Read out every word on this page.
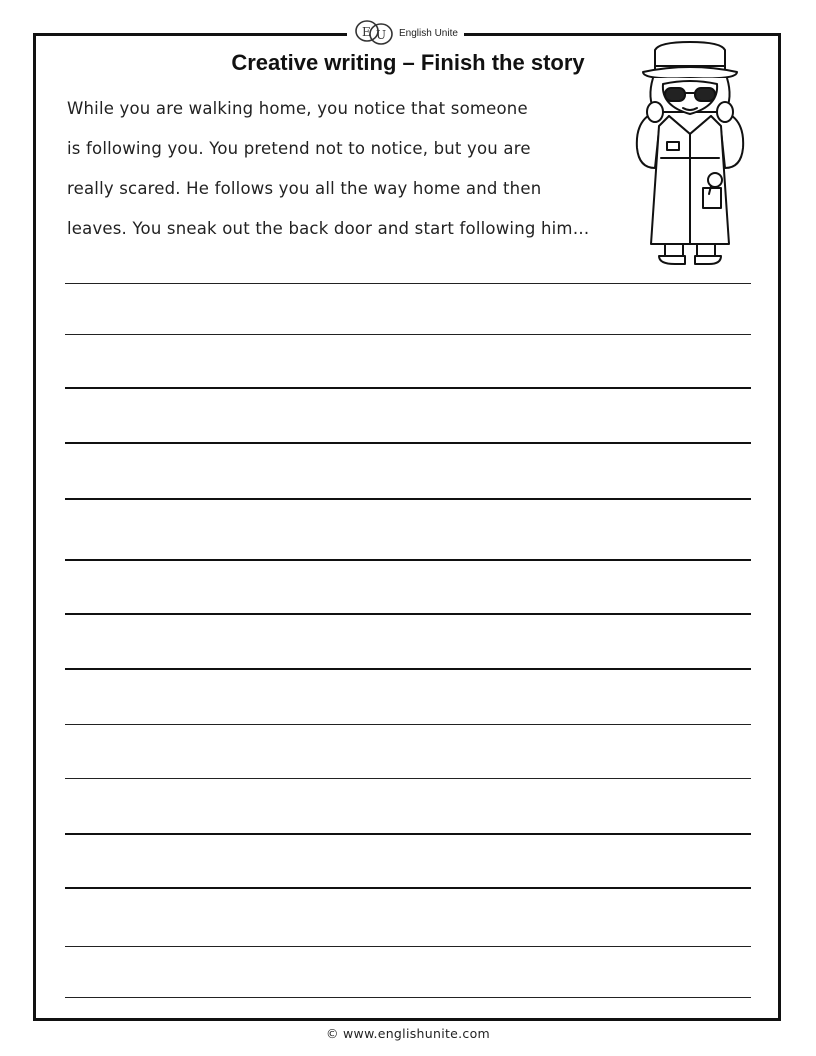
E U English Unite
Creative writing – Finish the story
While you are walking home, you notice that someone
is following you. You pretend not to notice, but you are
really scared. He follows you all the way home and then
leaves. You sneak out the back door and start following him…
© www.englishunite.com
